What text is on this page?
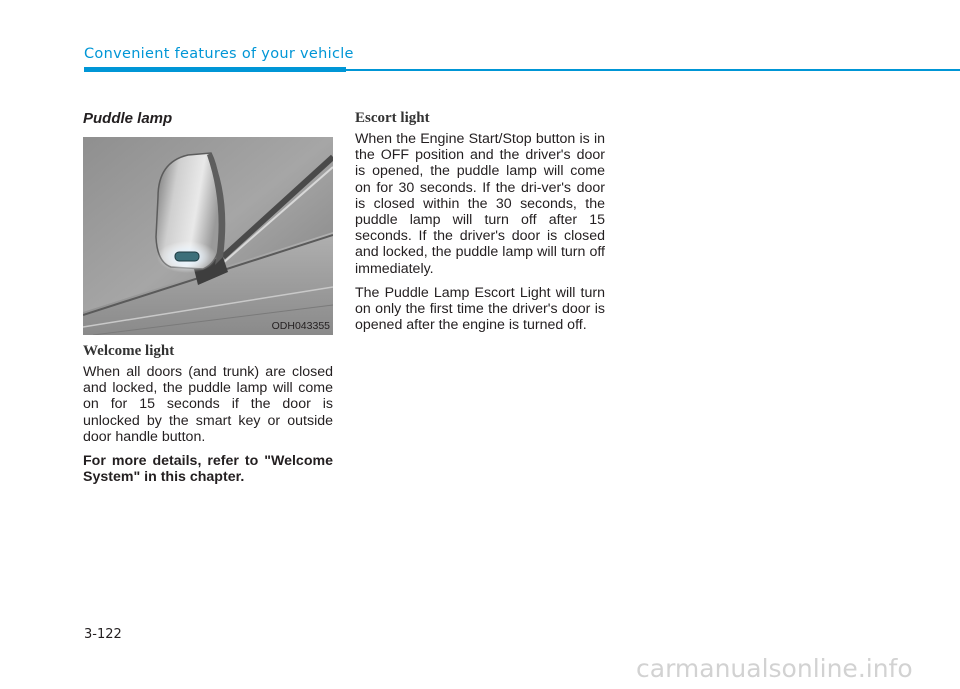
Convenient features of your vehicle
Puddle lamp
ODH043355
Welcome light

When all doors (and trunk) are closed and locked, the puddle lamp will come on for 15 seconds if the door is unlocked by the smart key or outside door handle button.

For more details, refer to "Welcome System" in this chapter.

Escort light

When the Engine Start/Stop button is in the OFF position and the driver's door is opened, the puddle lamp will come on for 30 seconds. If the dri-ver's door is closed within the 30 seconds, the puddle lamp will turn off after 15 seconds. If the driver's door is closed and locked, the puddle lamp will turn off immediately.

The Puddle Lamp Escort Light will turn on only the first time the driver's door is opened after the engine is turned off.

3-122
carmanualsonline.info
